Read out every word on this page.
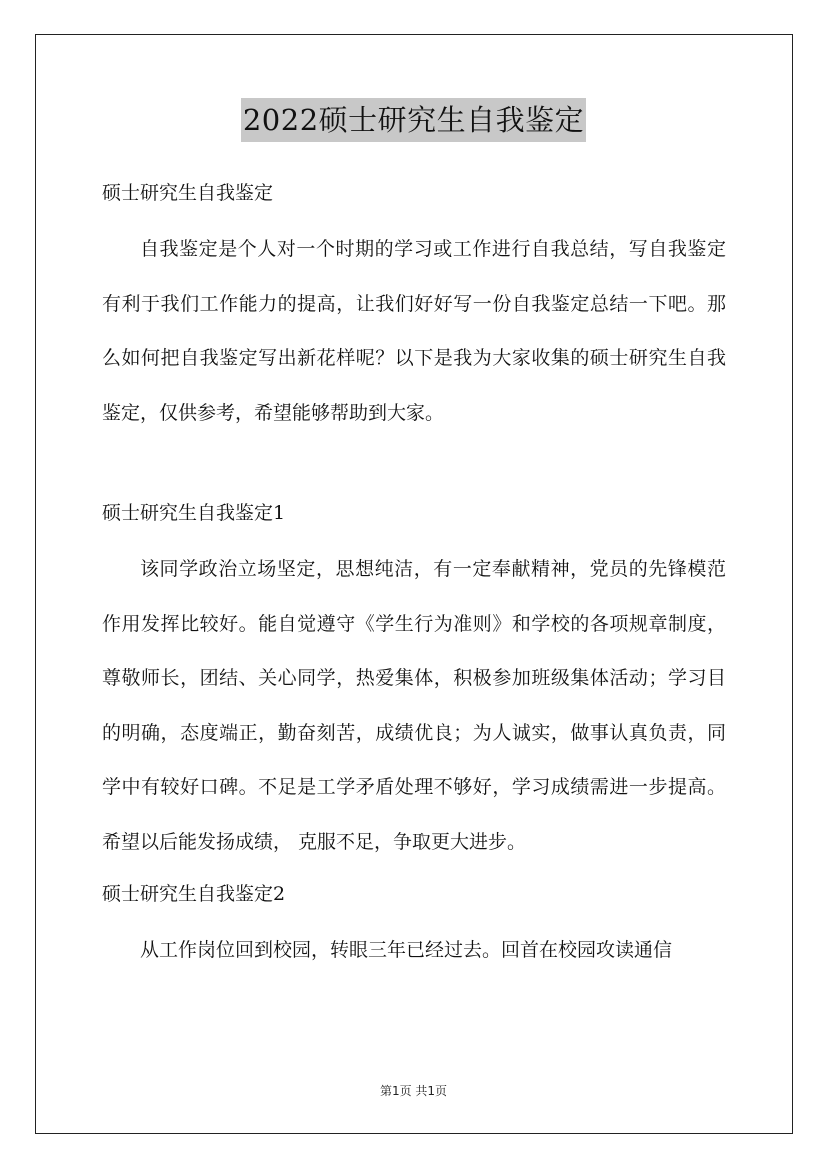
2022硕士研究生自我鉴定
硕士研究生自我鉴定

自我鉴定是个人对一个时期的学习或工作进行自我总结，写自我鉴定有利于我们工作能力的提高，让我们好好写一份自我鉴定总结一下吧。那么如何把自我鉴定写出新花样呢？以下是我为大家收集的硕士研究生自我鉴定，仅供参考，希望能够帮助到大家。

硕士研究生自我鉴定1

该同学政治立场坚定，思想纯洁，有一定奉献精神，党员的先锋模范作用发挥比较好。能自觉遵守《学生行为准则》和学校的各项规章制度，尊敬师长，团结、关心同学，热爱集体，积极参加班级集体活动；学习目的明确，态度端正，勤奋刻苦，成绩优良；为人诚实，做事认真负责，同学中有较好口碑。不足是工学矛盾处理不够好，学习成绩需进一步提高。希望以后能发扬成绩， 克服不足，争取更大进步。

硕士研究生自我鉴定2

从工作岗位回到校园，转眼三年已经过去。回首在校园攻读通信

第1页 共1页
